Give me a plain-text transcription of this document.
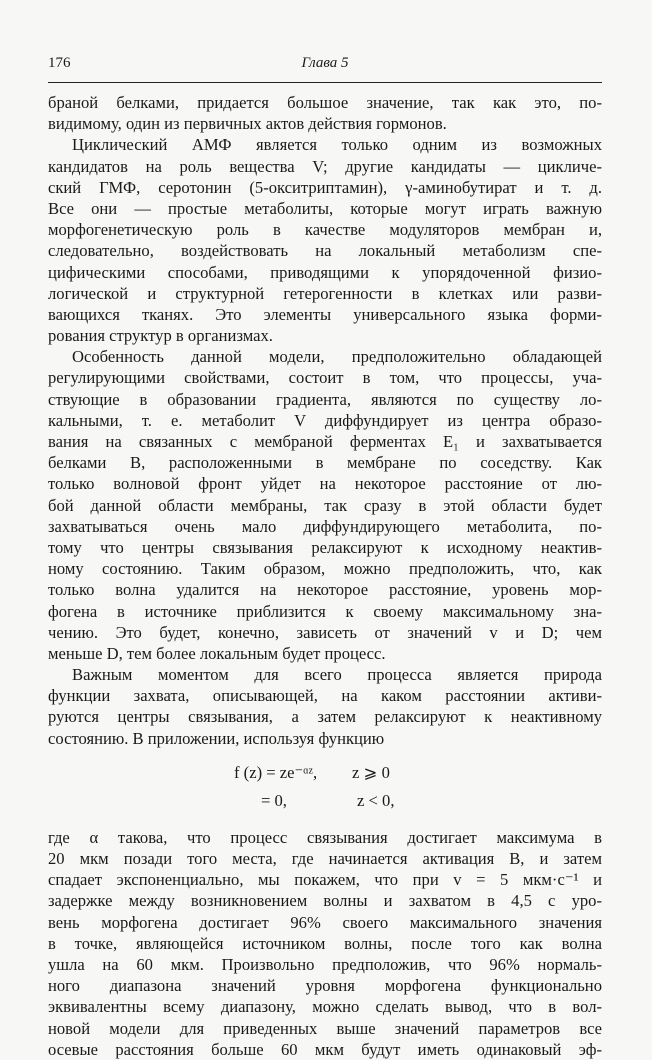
176	Глава 5
браной белками, придается большое значение, так как это, по-
видимому, один из первичных актов действия гормонов.
Циклический АМФ является только одним из возможных
кандидатов на роль вещества V; другие кандидаты — цикличе-
ский ГМФ, серотонин (5-окситриптамин), γ-аминобутират и т. д.
Все они — простые метаболиты, которые могут играть важную
морфогенетическую роль в качестве модуляторов мембран и,
следовательно, воздействовать на локальный метаболизм спе-
цифическими способами, приводящими к упорядоченной физио-
логической и структурной гетерогенности в клетках или разви-
вающихся тканях. Это элементы универсального языка форми-
рования структур в организмах.
Особенность данной модели, предположительно обладающей
регулирующими свойствами, состоит в том, что процессы, уча-
ствующие в образовании градиента, являются по существу ло-
кальными, т. е. метаболит V диффундирует из центра образо-
вания на связанных с мембраной ферментах E₁ и захватывается
белками B, расположенными в мембране по соседству. Как
только волновой фронт уйдет на некоторое расстояние от лю-
бой данной области мембраны, так сразу в этой области будет
захватываться очень мало диффундирующего метаболита, по-
тому что центры связывания релаксируют к исходному неактив-
ному состоянию. Таким образом, можно предположить, что, как
только волна удалится на некоторое расстояние, уровень мор-
фогена в источнике приблизится к своему максимальному зна-
чению. Это будет, конечно, зависеть от значений v и D; чем
меньше D, тем более локальным будет процесс.
Важным моментом для всего процесса является природа
функции захвата, описывающей, на каком расстоянии активи-
руются центры связывания, а затем релаксируют к неактивному
состоянию. В приложении, используя функцию
f (z) = ze⁻ᵅᶻ, z ⩾ 0
= 0,	z < 0,
где α такова, что процесс связывания достигает максимума в
20 мкм позади того места, где начинается активация B, и затем
спадает экспоненциально, мы покажем, что при v = 5 мкм·с⁻¹ и
задержке между возникновением волны и захватом в 4,5 с уро-
вень морфогена достигает 96% своего максимального значения
в точке, являющейся источником волны, после того как волна
ушла на 60 мкм. Произвольно предположив, что 96% нормаль-
ного диапазона значений уровня морфогена функционально
эквивалентны всему диапазону, можно сделать вывод, что в вол-
новой модели для приведенных выше значений параметров все
осевые расстояния больше 60 мкм будут иметь одинаковый эф-
